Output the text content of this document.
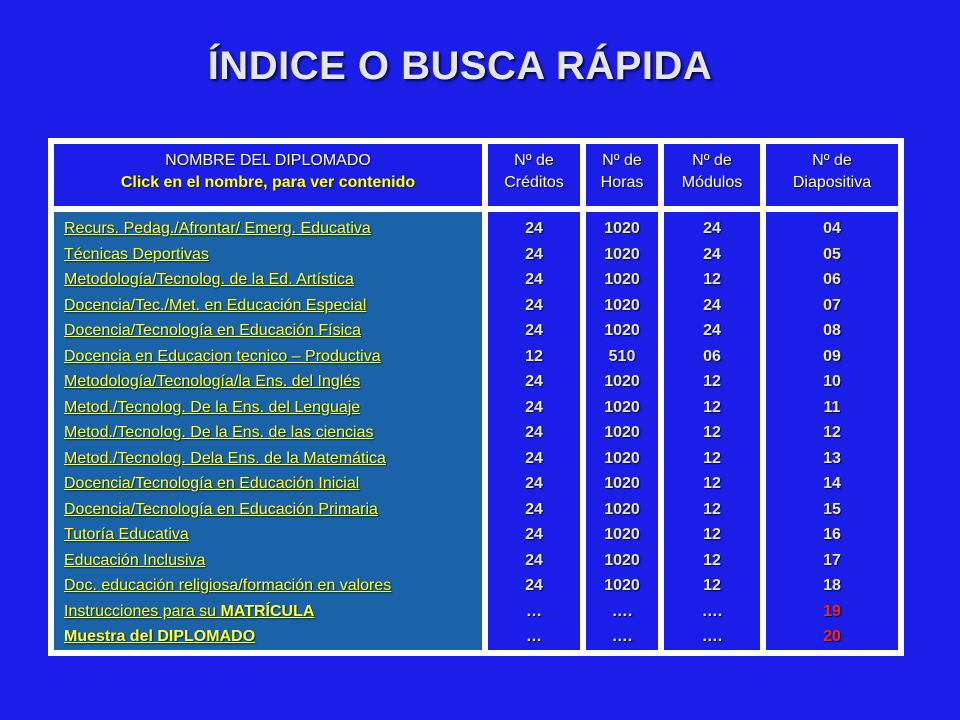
ÍNDICE O BUSCA RÁPIDA
NOMBRE DEL DIPLOMADO
Click en el nombre, para ver contenido
Nº de
Créditos
Nº de
Horas
Nº de
Módulos
Nº de
Diapositiva
Recurs. Pedag./Afrontar/ Emerg. Educativa
Técnicas Deportivas
Metodología/Tecnolog. de la Ed. Artística
Docencia/Tec./Met. en Educación Especial
Docencia/Tecnología en Educación Física
Docencia en Educacion tecnico – Productiva
Metodología/Tecnología/la Ens. del Inglés
Metod./Tecnolog. De la Ens. del Lenguaje
Metod./Tecnolog. De la Ens. de las ciencias
Metod./Tecnolog. Dela Ens. de la Matemática
Docencia/Tecnología en Educación Inicial
Docencia/Tecnología en Educación Primaria
Tutoría Educativa
Educación Inclusiva
Doc. educación religiosa/formación en valores
Instrucciones para su MATRÍCULA
Muestra del DIPLOMADO
24
24
24
24
24
12
24
24
24
24
24
24
24
24
24
…
…
1020
1020
1020
1020
1020
510
1020
1020
1020
1020
1020
1020
1020
1020
1020
….
….
24
24
12
24
24
06
12
12
12
12
12
12
12
12
12
….
….
04
05
06
07
08
09
10
11
12
13
14
15
16
17
18
19
20
